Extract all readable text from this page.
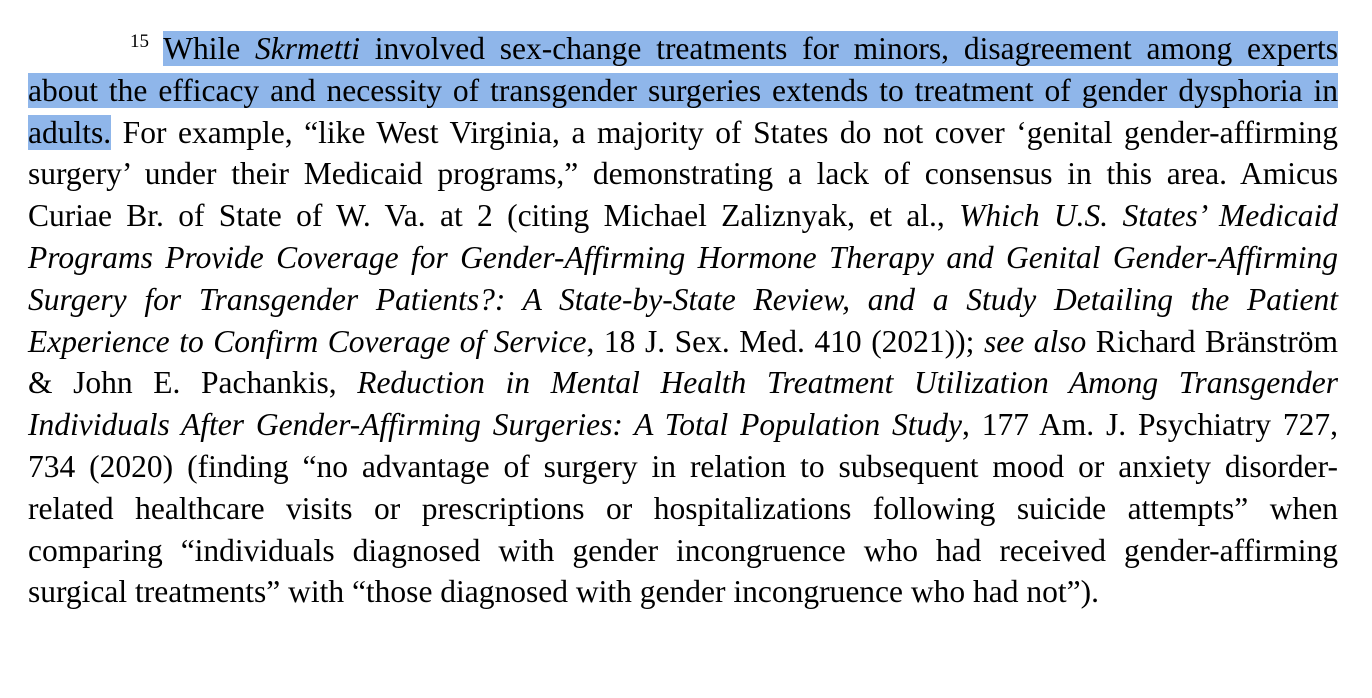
$^{15}$ While Skrmetti involved sex-change treatments for minors, disagreement among experts about the efficacy and necessity of transgender surgeries extends to treatment of gender dysphoria in adults. For example, “like West Virginia, a majority of States do not cover ‘genital gender-affirming surgery’ under their Medicaid programs,” demonstrating a lack of consensus in this area. Amicus Curiae Br. of State of W. Va. at 2 (citing Michael Zaliznyak, et al., Which U.S. States’ Medicaid Programs Provide Coverage for Gender-Affirming Hormone Therapy and Genital Gender-Affirming Surgery for Transgender Patients?: A State-by-State Review, and a Study Detailing the Patient Experience to Confirm Coverage of Service, 18 J. Sex. Med. 410 (2021)); see also Richard Bränström & John E. Pachankis, Reduction in Mental Health Treatment Utilization Among Transgender Individuals After Gender-Affirming Surgeries: A Total Population Study, 177 Am. J. Psychiatry 727, 734 (2020) (finding “no advantage of surgery in relation to subsequent mood or anxiety disorder-related healthcare visits or prescriptions or hospitalizations following suicide attempts” when comparing “individuals diagnosed with gender incongruence who had received gender-affirming surgical treatments” with “those diagnosed with gender incongruence who had not”).
